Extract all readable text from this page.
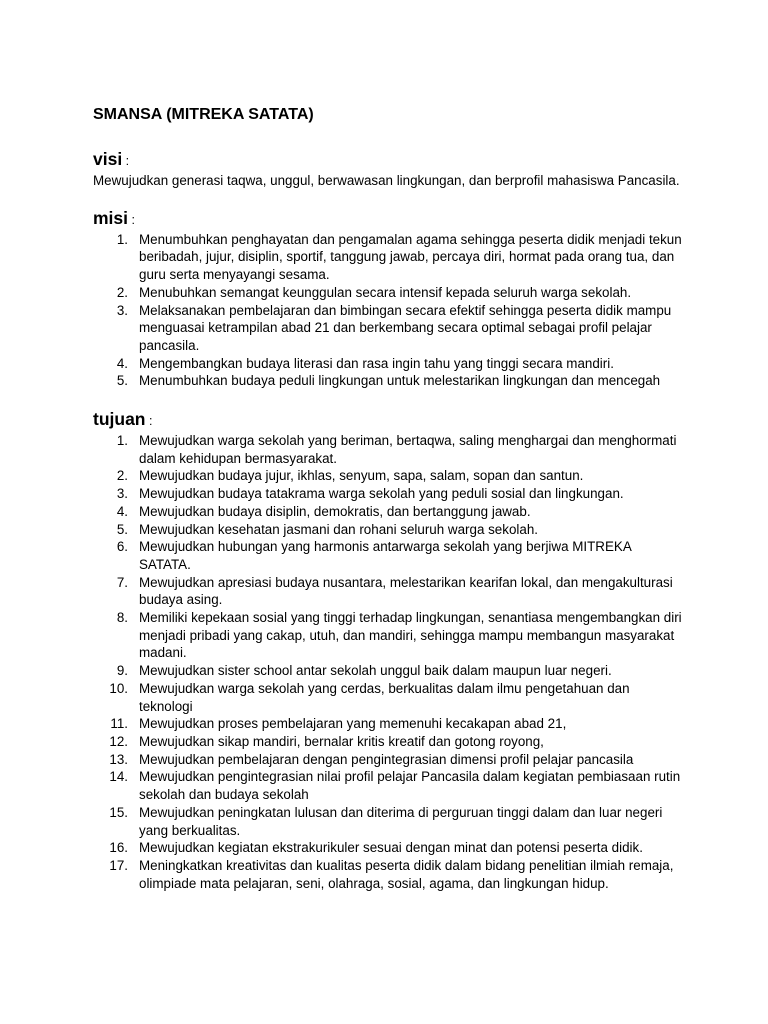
SMANSA (MITREKA SATATA)
visi :

Mewujudkan generasi taqwa, unggul, berwawasan lingkungan, dan berprofil mahasiswa Pancasila.

misi :
1. Menumbuhkan penghayatan dan pengamalan agama sehingga peserta didik menjadi tekun beribadah, jujur, disiplin, sportif, tanggung jawab, percaya diri, hormat pada orang tua, dan guru serta menyayangi sesama.
2. Menubuhkan semangat keunggulan secara intensif kepada seluruh warga sekolah.
3. Melaksanakan pembelajaran dan bimbingan secara efektif sehingga peserta didik mampu menguasai ketrampilan abad 21 dan berkembang secara optimal sebagai profil pelajar pancasila.
4. Mengembangkan budaya literasi dan rasa ingin tahu yang tinggi secara mandiri.
5. Menumbuhkan budaya peduli lingkungan untuk melestarikan lingkungan dan mencegah
tujuan :
1. Mewujudkan warga sekolah yang beriman, bertaqwa, saling menghargai dan menghormati dalam kehidupan bermasyarakat.
2. Mewujudkan budaya jujur, ikhlas, senyum, sapa, salam, sopan dan santun.
3. Mewujudkan budaya tatakrama warga sekolah yang peduli sosial dan lingkungan.
4. Mewujudkan budaya disiplin, demokratis, dan bertanggung jawab.
5. Mewujudkan kesehatan jasmani dan rohani seluruh warga sekolah.
6. Mewujudkan hubungan yang harmonis antarwarga sekolah yang berjiwa MITREKA SATATA.
7. Mewujudkan apresiasi budaya nusantara, melestarikan kearifan lokal, dan mengakulturasi budaya asing.
8. Memiliki kepekaan sosial yang tinggi terhadap lingkungan, senantiasa mengembangkan diri menjadi pribadi yang cakap, utuh, dan mandiri, sehingga mampu membangun masyarakat madani.
9. Mewujudkan sister school antar sekolah unggul baik dalam maupun luar negeri.
10. Mewujudkan warga sekolah yang cerdas, berkualitas dalam ilmu pengetahuan dan teknologi
11. Mewujudkan proses pembelajaran yang memenuhi kecakapan abad 21,
12. Mewujudkan sikap mandiri, bernalar kritis kreatif dan gotong royong,
13. Mewujudkan pembelajaran dengan pengintegrasian dimensi profil pelajar pancasila
14. Mewujudkan pengintegrasian nilai profil pelajar Pancasila dalam kegiatan pembiasaan rutin sekolah dan budaya sekolah
15. Mewujudkan peningkatan lulusan dan diterima di perguruan tinggi dalam dan luar negeri yang berkualitas.
16. Mewujudkan kegiatan ekstrakurikuler sesuai dengan minat dan potensi peserta didik.
17. Meningkatkan kreativitas dan kualitas peserta didik dalam bidang penelitian ilmiah remaja, olimpiade mata pelajaran, seni, olahraga, sosial, agama, dan lingkungan hidup.
